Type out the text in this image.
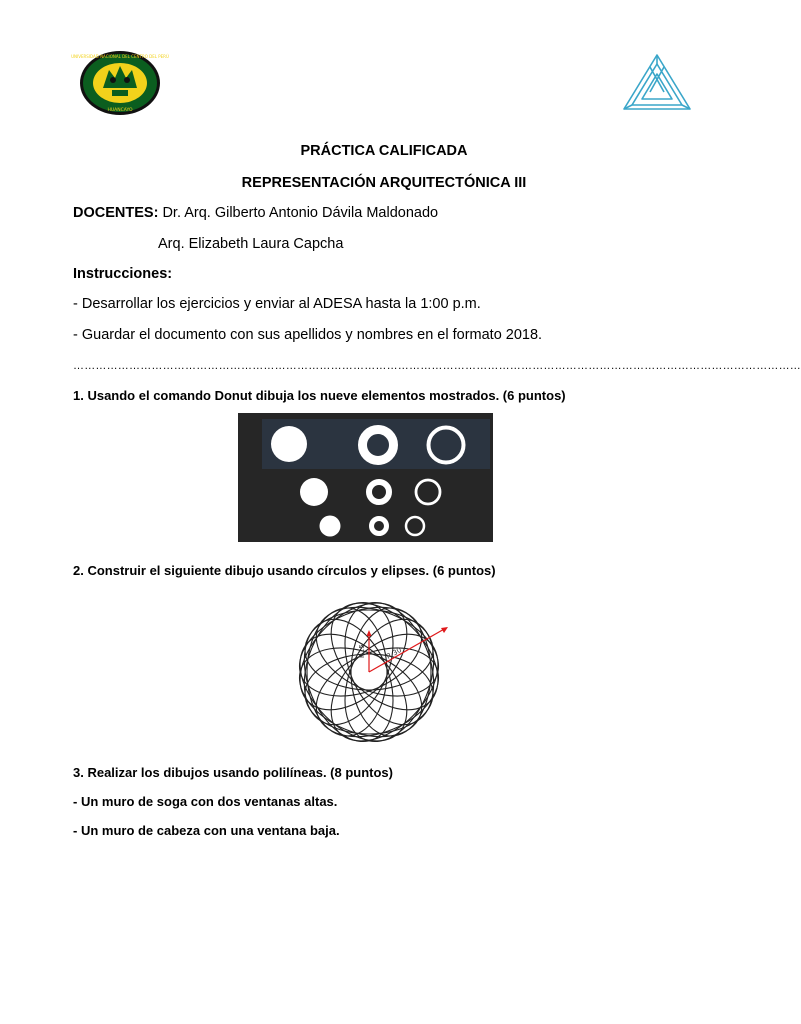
UNIVERSIDAD NACIONAL DEL CENTRO DEL PERÚ
HUANCAYO
PRÁCTICA CALIFICADA
REPRESENTACIÓN ARQUITECTÓNICA III
DOCENTES: Dr. Arq. Gilberto Antonio Dávila Maldonado
Arq. Elizabeth Laura Capcha
Instrucciones:
- Desarrollar los ejercicios y enviar al ADESA hasta la 1:00 p.m.
- Guardar el documento con sus apellidos y nombres en el formato 2018.
……………………………………………………………………………………………………………………………………………………………………………
1. Usando el comando Donut dibuja los nueve elementos mostrados. (6 puntos)
2. Construir el siguiente dibujo usando círculos y elipses. (6 puntos)
R15	R 30
3. Realizar los dibujos usando polilíneas. (8 puntos)
- Un muro de soga con dos ventanas altas.
- Un muro de cabeza con una ventana baja.
